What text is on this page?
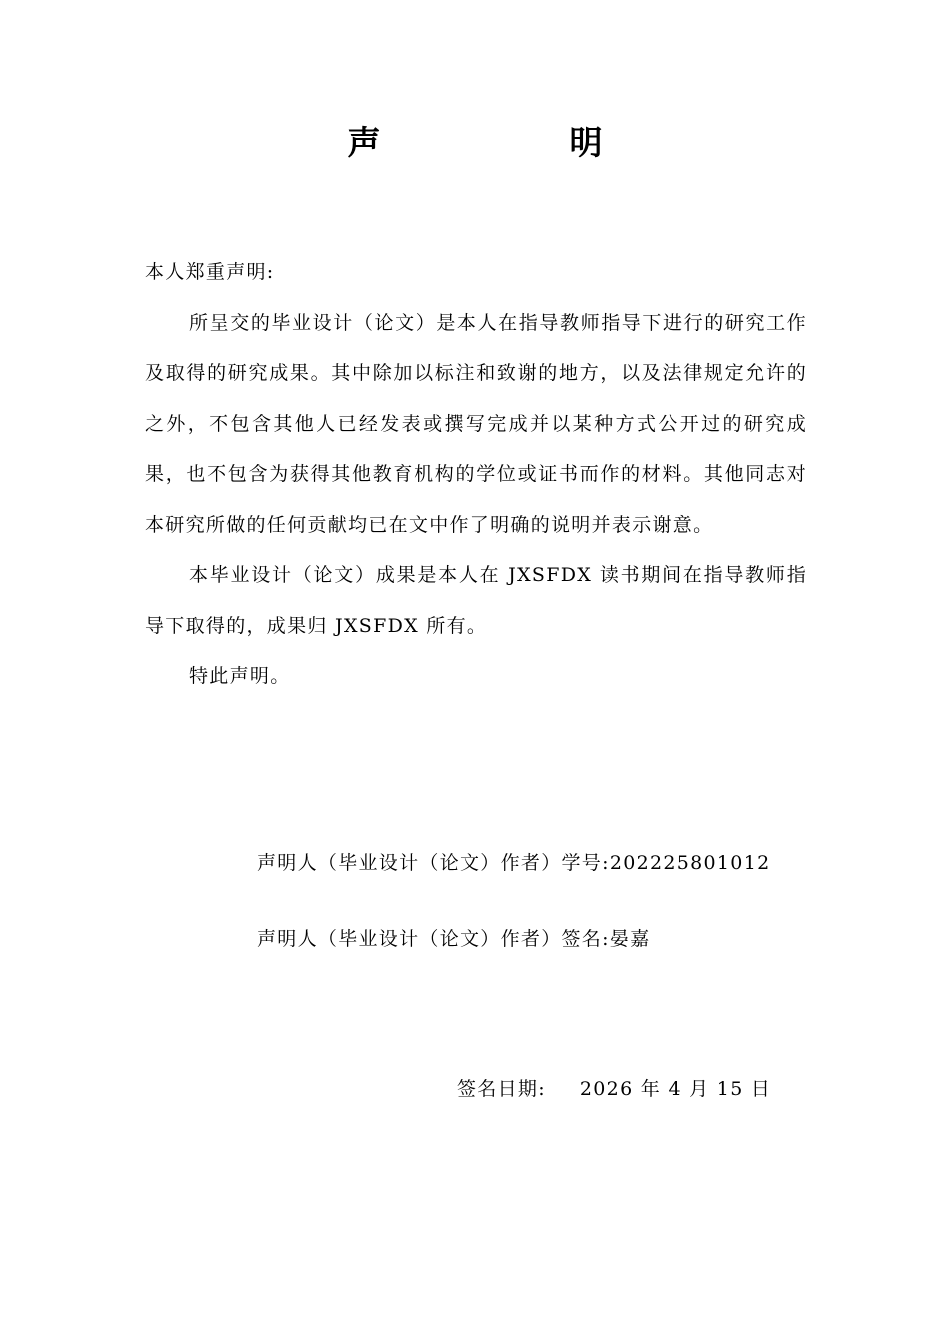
声　明

本人郑重声明:

所呈交的毕业设计（论文）是本人在指导教师指导下进行的研究工作及取得的研究成果。其中除加以标注和致谢的地方，以及法律规定允许的之外，不包含其他人已经发表或撰写完成并以某种方式公开过的研究成果，也不包含为获得其他教育机构的学位或证书而作的材料。其他同志对本研究所做的任何贡献均已在文中作了明确的说明并表示谢意。

本毕业设计（论文）成果是本人在 JXSFDX 读书期间在指导教师指导下取得的，成果归 JXSFDX 所有。

特此声明。

声明人（毕业设计（论文）作者）学号:202225801012
声明人（毕业设计（论文）作者）签名:晏嘉
签名日期: 2026 年 4 月 15 日
